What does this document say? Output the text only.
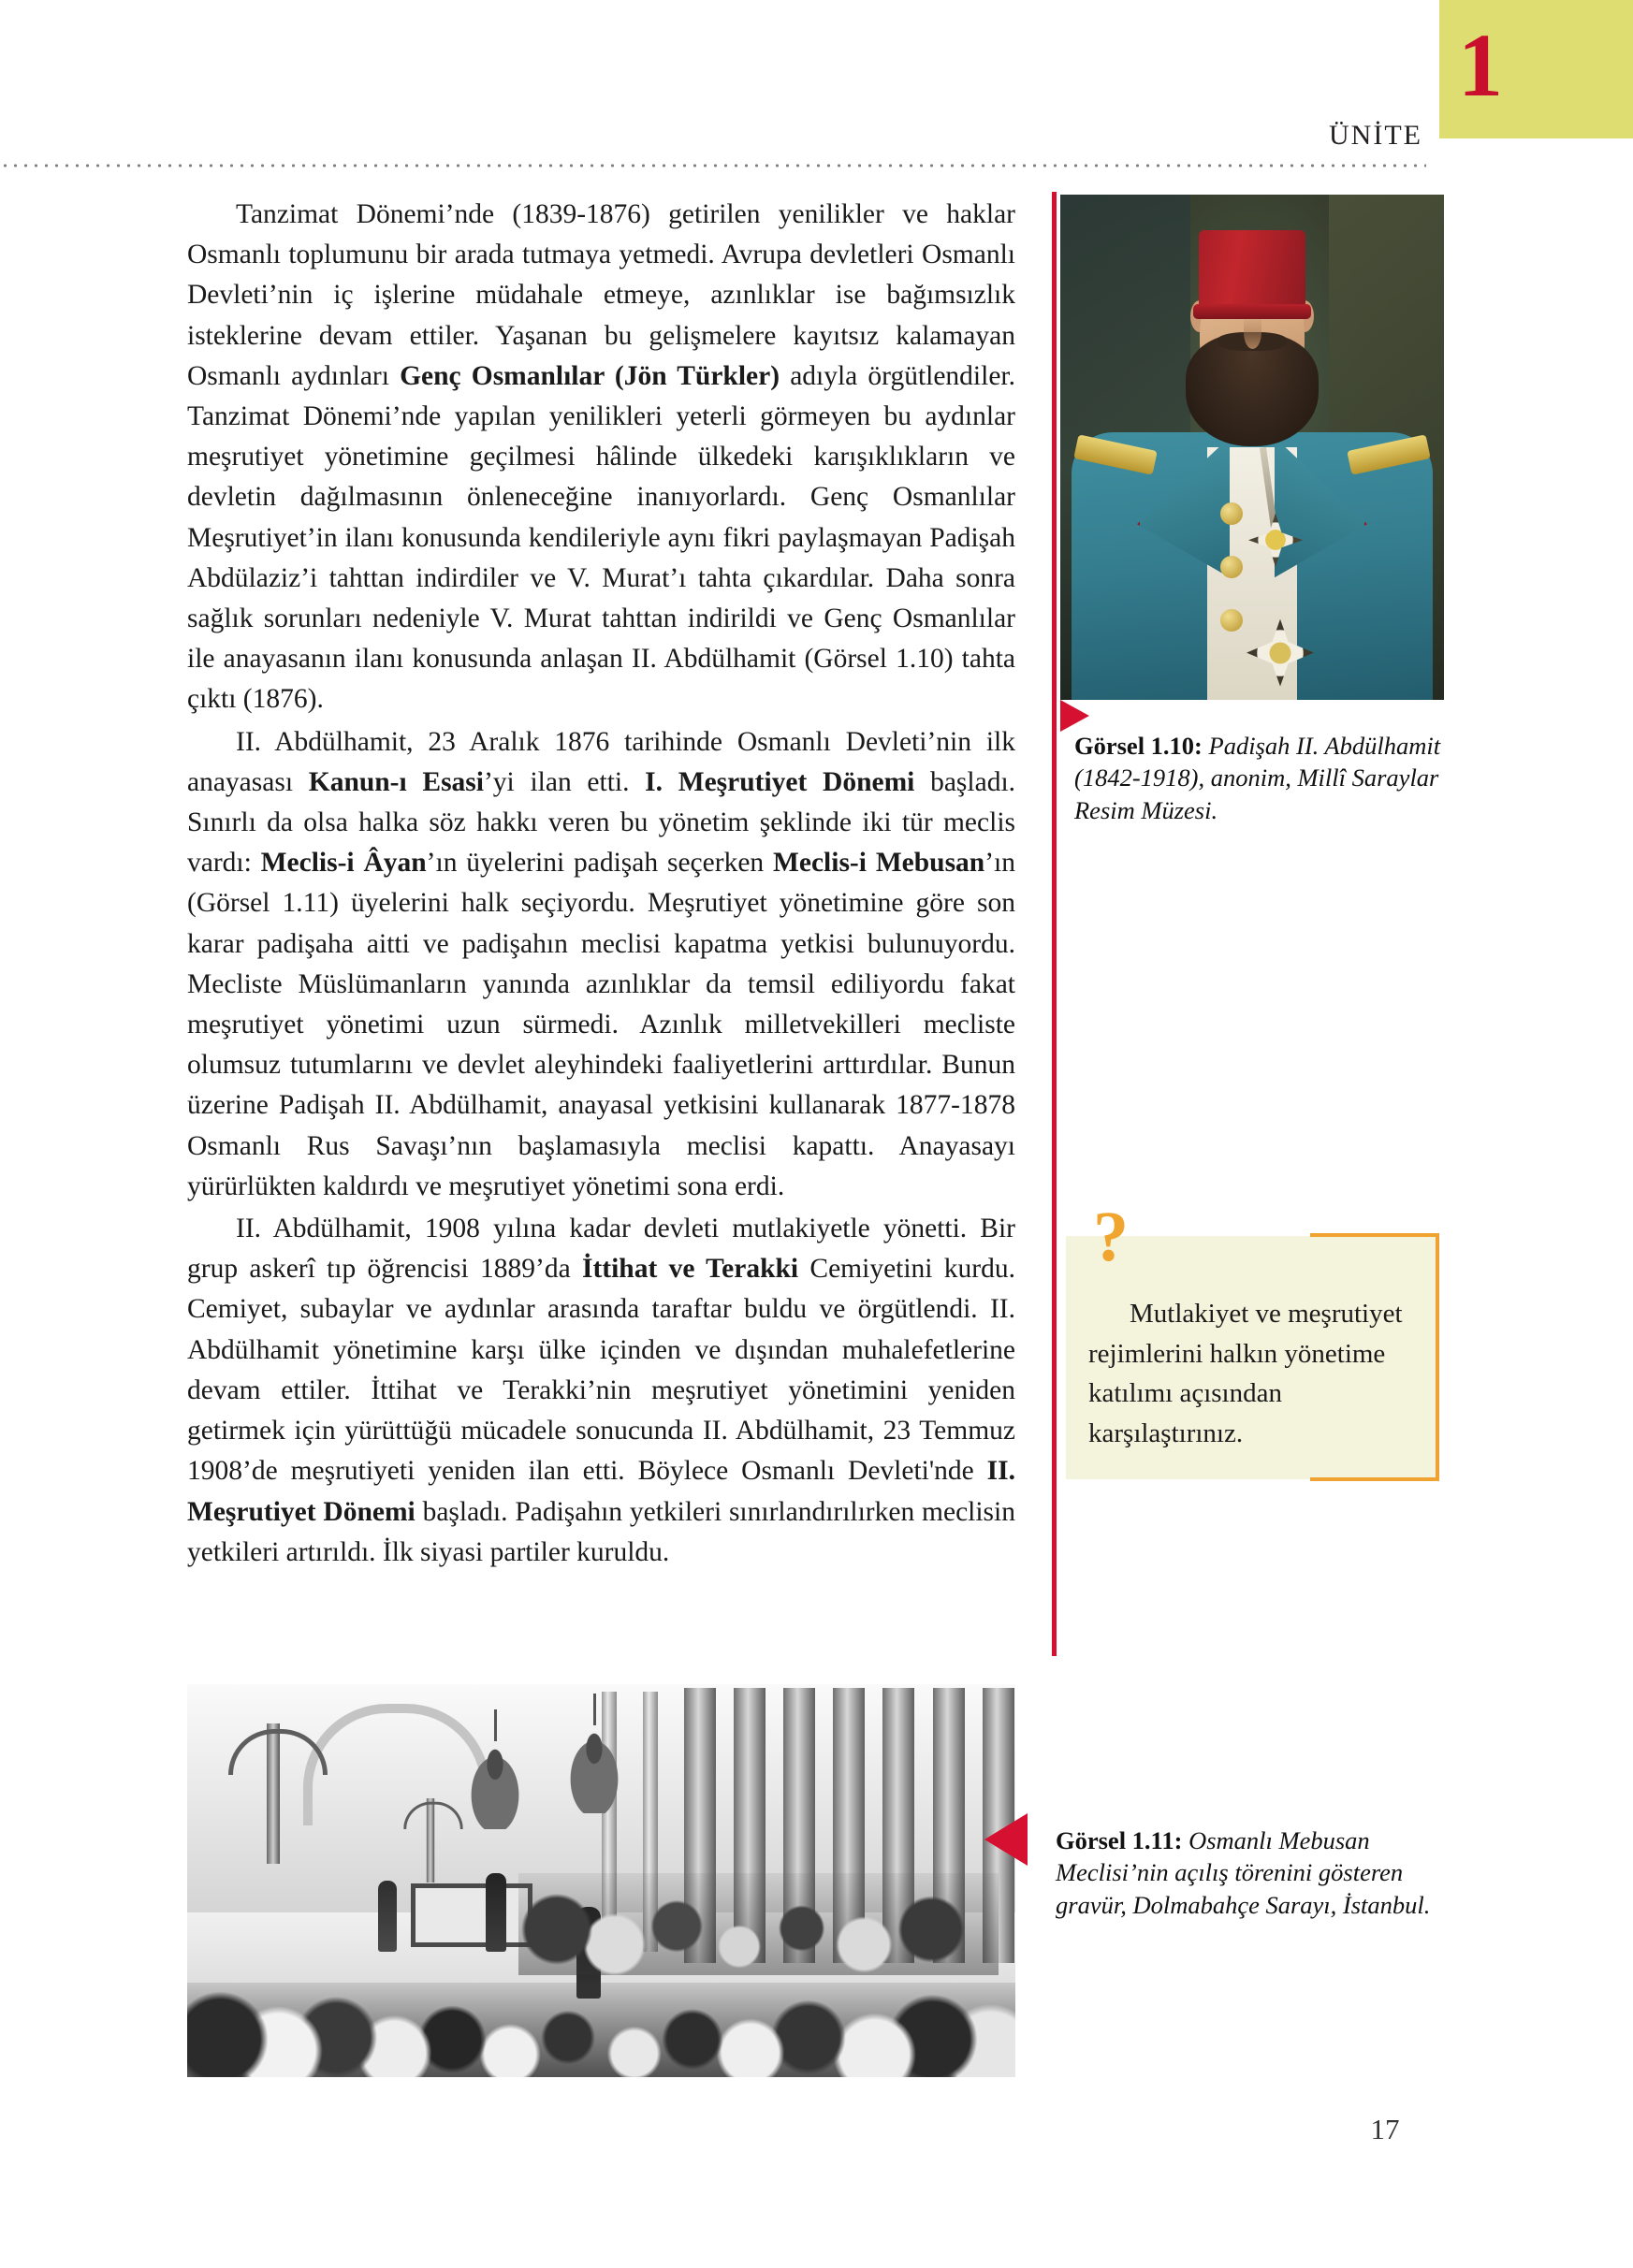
1
ÜNİTE

Tanzimat Dönemi’nde (1839-1876) getirilen yenilikler ve haklar Osmanlı toplumunu bir arada tutmaya yetmedi. Avrupa devletleri Osmanlı Devleti’nin iç işlerine müdahale etmeye, azınlıklar ise bağımsızlık isteklerine devam ettiler. Yaşanan bu gelişmelere kayıtsız kalamayan Osmanlı aydınları Genç Osmanlılar (Jön Türkler) adıyla örgütlendiler. Tanzimat Dönemi’nde yapılan yenilikleri yeterli görmeyen bu aydınlar meşrutiyet yönetimine geçilmesi hâlinde ülkedeki karışıklıkların ve devletin dağılmasının önleneceğine inanıyorlardı. Genç Osmanlılar Meşrutiyet’in ilanı konusunda kendileriyle aynı fikri paylaşmayan Padişah Abdülaziz’i tahttan indirdiler ve V. Murat’ı tahta çıkardılar. Daha sonra sağlık sorunları nedeniyle V. Murat tahttan indirildi ve Genç Osmanlılar ile anayasanın ilanı konusunda anlaşan II. Abdülhamit (Görsel 1.10) tahta çıktı (1876).

II. Abdülhamit, 23 Aralık 1876 tarihinde Osmanlı Devleti’nin ilk anayasası Kanun-ı Esasi’yi ilan etti. I. Meşrutiyet Dönemi başladı. Sınırlı da olsa halka söz hakkı veren bu yönetim şeklinde iki tür meclis vardı: Meclis-i Âyan’ın üyelerini padişah seçerken Meclis-i Mebusan’ın (Görsel 1.11) üyelerini halk seçiyordu. Meşrutiyet yönetimine göre son karar padişaha aitti ve padişahın meclisi kapatma yetkisi bulunuyordu. Mecliste Müslümanların yanında azınlıklar da temsil ediliyordu fakat meşrutiyet yönetimi uzun sürmedi. Azınlık milletvekilleri mecliste olumsuz tutumlarını ve devlet aleyhindeki faaliyetlerini arttırdılar. Bunun üzerine Padişah II. Abdülhamit, anayasal yetkisini kullanarak 1877-1878 Osmanlı Rus Savaşı’nın başlamasıyla meclisi kapattı. Anayasayı yürürlükten kaldırdı ve meşrutiyet yönetimi sona erdi.

II. Abdülhamit, 1908 yılına kadar devleti mutlakiyetle yönetti. Bir grup askerî tıp öğrencisi 1889’da İttihat ve Terakki Cemiyetini kurdu. Cemiyet, subaylar ve aydınlar arasında taraftar buldu ve örgütlendi. II. Abdülhamit yönetimine karşı ülke içinden ve dışından muhalefetlerine devam ettiler. İttihat ve Terakki’nin meşrutiyet yönetimini yeniden getirmek için yürüttüğü mücadele sonucunda II. Abdülhamit, 23 Temmuz 1908’de meşrutiyeti yeniden ilan etti. Böylece Osmanlı Devleti'nde II. Meşrutiyet Dönemi başladı. Padişahın yetkileri sınırlandırılırken meclisin yetkileri artırıldı. İlk siyasi partiler kuruldu.

Görsel 1.10: Padişah II. Abdülhamit (1842-1918), anonim, Millî Saraylar Resim Müzesi.
?
Mutlakiyet ve meşrutiyet rejimlerini halkın yönetime katılımı açısından karşılaştırınız.
Görsel 1.11: Osmanlı Mebusan Meclisi’nin açılış törenini gösteren gravür, Dolmabahçe Sarayı, İstanbul.
17
